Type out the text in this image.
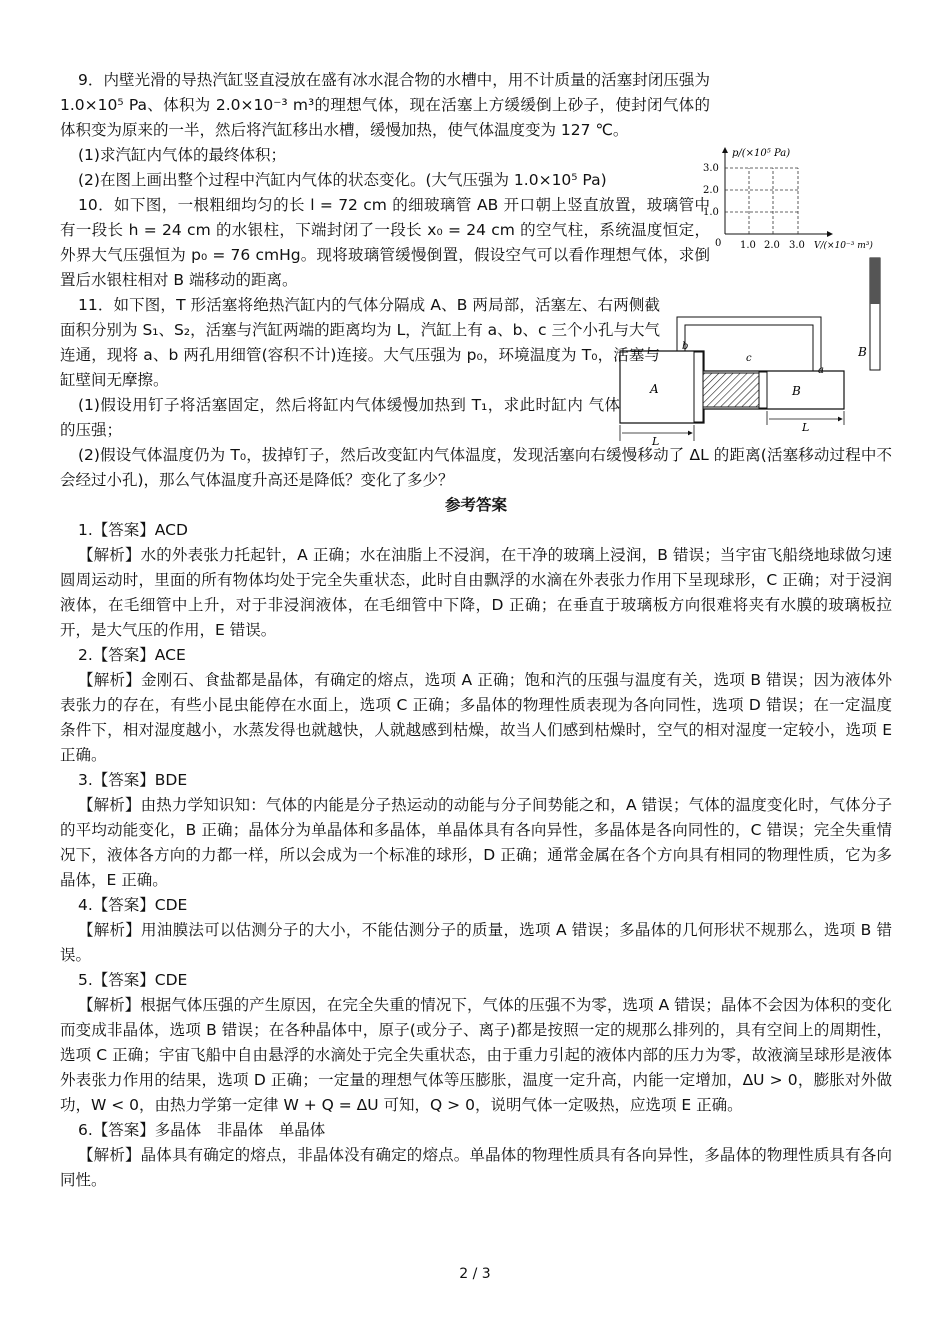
9．内壁光滑的导热汽缸竖直浸放在盛有冰水混合物的水槽中，用不计质量的活塞封闭压强为 1.0×10⁵ Pa、体积为 2.0×10⁻³ m³的理想气体，现在活塞上方缓缓倒上砂子，使封闭气体的体积变为原来的一半，然后将汽缸移出水槽，缓慢加热，使气体温度变为 127 ℃。

(1)求汽缸内气体的最终体积；

(2)在图上画出整个过程中汽缸内气体的状态变化。(大气压强为 1.0×10⁵ Pa)

10．如下图，一根粗细均匀的长 l = 72 cm 的细玻璃管 AB 开口朝上竖直放置，玻璃管中有一段长 h = 24 cm 的水银柱，下端封闭了一段长 x₀ = 24 cm 的空气柱，系统温度恒定，外界大气压强恒为 p₀ = 76 cmHg。现将玻璃管缓慢倒置，假设空气可以看作理想气体，求倒置后水银柱相对 B 端移动的距离。

11．如下图，T 形活塞将绝热汽缸内的气体分隔成 A、B 两局部，活塞左、右两侧截面积分别为 S₁、S₂，活塞与汽缸两端的距离均为 L，汽缸上有 a、b、c 三个小孔与大气连通，现将 a、b 两孔用细管(容积不计)连接。大气压强为 p₀，环境温度为 T₀，活塞与缸壁间无摩擦。

(1)假设用钉子将活塞固定，然后将缸内气体缓慢加热到 T₁，求此时缸内 气体的压强；

(2)假设气体温度仍为 T₀，拔掉钉子，然后改变缸内气体温度，发现活塞向右缓慢移动了 ΔL 的距离(活塞移动过程中不会经过小孔)，那么气体温度升高还是降低？变化了多少？

参考答案

1.【答案】ACD

【解析】水的外表张力托起针，A 正确；水在油脂上不浸润，在干净的玻璃上浸润，B 错误；当宇宙飞船绕地球做匀速圆周运动时，里面的所有物体均处于完全失重状态，此时自由飘浮的水滴在外表张力作用下呈现球形，C 正确；对于浸润液体，在毛细管中上升，对于非浸润液体，在毛细管中下降，D 正确；在垂直于玻璃板方向很难将夹有水膜的玻璃板拉开，是大气压的作用，E 错误。

2.【答案】ACE

【解析】金刚石、食盐都是晶体，有确定的熔点，选项 A 正确；饱和汽的压强与温度有关，选项 B 错误；因为液体外表张力的存在，有些小昆虫能停在水面上，选项 C 正确；多晶体的物理性质表现为各向同性，选项 D 错误；在一定温度条件下，相对湿度越小，水蒸发得也就越快，人就越感到枯燥，故当人们感到枯燥时，空气的相对湿度一定较小，选项 E 正确。

3.【答案】BDE

【解析】由热力学知识知：气体的内能是分子热运动的动能与分子间势能之和，A 错误；气体的温度变化时，气体分子的平均动能变化，B 正确；晶体分为单晶体和多晶体，单晶体具有各向异性，多晶体是各向同性的，C 错误；完全失重情况下，液体各方向的力都一样，所以会成为一个标准的球形，D 正确；通常金属在各个方向具有相同的物理性质，它为多晶体，E 正确。

4.【答案】CDE

【解析】用油膜法可以估测分子的大小，不能估测分子的质量，选项 A 错误；多晶体的几何形状不规那么，选项 B 错误。

5.【答案】CDE

【解析】根据气体压强的产生原因，在完全失重的情况下，气体的压强不为零，选项 A 错误；晶体不会因为体积的变化而变成非晶体，选项 B 错误；在各种晶体中，原子(或分子、离子)都是按照一定的规那么排列的，具有空间上的周期性，选项 C 正确；宇宙飞船中自由悬浮的水滴处于完全失重状态，由于重力引起的液体内部的压力为零，故液滴呈球形是液体外表张力作用的结果，选项 D 正确；一定量的理想气体等压膨胀，温度一定升高，内能一定增加，ΔU > 0，膨胀对外做功，W < 0，由热力学第一定律 W + Q = ΔU 可知，Q > 0，说明气体一定吸热，应选项 E 正确。

6.【答案】多晶体　非晶体　单晶体

【解析】晶体具有确定的熔点，非晶体没有确定的熔点。单晶体的物理性质具有各向异性，多晶体的物理性质具有各向同性。

p/(×10⁵ Pa)
3.0
2.0
1.0
0 1.0 2.0 3.0 V/(×10⁻³ m³)
B
A	B
b
c
a
L
L
2 / 3
